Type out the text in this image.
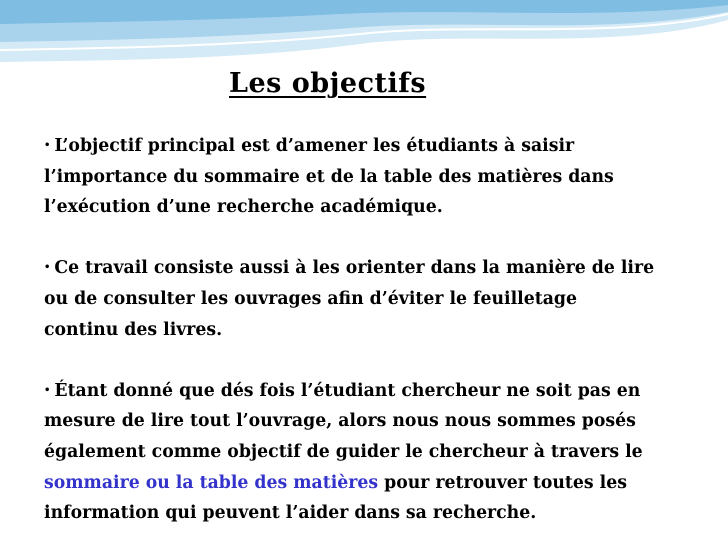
Les objectifs
• L’objectif principal est d’amener les étudiants à saisir
l’importance du sommaire et de la table des matières dans
l’exécution d’une recherche académique.
• Ce travail consiste aussi à les orienter dans la manière de lire
ou de consulter les ouvrages afin d’éviter le feuilletage
continu des livres.
• Étant donné que dés fois l’étudiant chercheur ne soit pas en
mesure de lire tout l’ouvrage, alors nous nous sommes posés
également comme objectif de guider le chercheur à travers le
sommaire ou la table des matières pour retrouver toutes les
information qui peuvent l’aider dans sa recherche.
